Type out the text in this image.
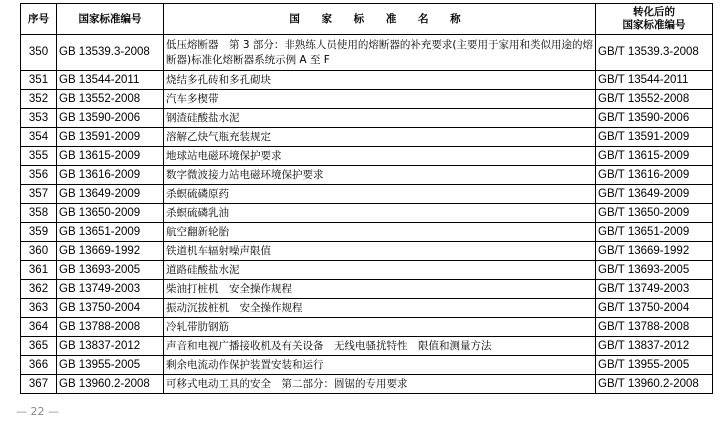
序号	国家标准编号	国 家 标 准 名 称	转化后的
国家标准编号
350	GB 13539.3-2008	低压熔断器　第 3 部分：非熟练人员使用的熔断器的补充要求(主要用于家用和类似用途的熔断器)标准化熔断器系统示例 A 至 F	GB/T 13539.3-2008
351	GB 13544-2011	烧结多孔砖和多孔砌块	GB/T 13544-2011
352	GB 13552-2008	汽车多楔带	GB/T 13552-2008
353	GB 13590-2006	钢渣硅酸盐水泥	GB/T 13590-2006
354	GB 13591-2009	溶解乙炔气瓶充装规定	GB/T 13591-2009
355	GB 13615-2009	地球站电磁环境保护要求	GB/T 13615-2009
356	GB 13616-2009	数字微波接力站电磁环境保护要求	GB/T 13616-2009
357	GB 13649-2009	杀螟硫磷原药	GB/T 13649-2009
358	GB 13650-2009	杀螟硫磷乳油	GB/T 13650-2009
359	GB 13651-2009	航空翻新轮胎	GB/T 13651-2009
360	GB 13669-1992	铁道机车辐射噪声限值	GB/T 13669-1992
361	GB 13693-2005	道路硅酸盐水泥	GB/T 13693-2005
362	GB 13749-2003	柴油打桩机　安全操作规程	GB/T 13749-2003
363	GB 13750-2004	振动沉拔桩机　安全操作规程	GB/T 13750-2004
364	GB 13788-2008	冷轧带肋钢筋	GB/T 13788-2008
365	GB 13837-2012	声音和电视广播接收机及有关设备　无线电骚扰特性　限值和测量方法	GB/T 13837-2012
366	GB 13955-2005	剩余电流动作保护装置安装和运行	GB/T 13955-2005
367	GB 13960.2-2008	可移式电动工具的安全　第二部分：圆锯的专用要求	GB/T 13960.2-2008
— 22 —
